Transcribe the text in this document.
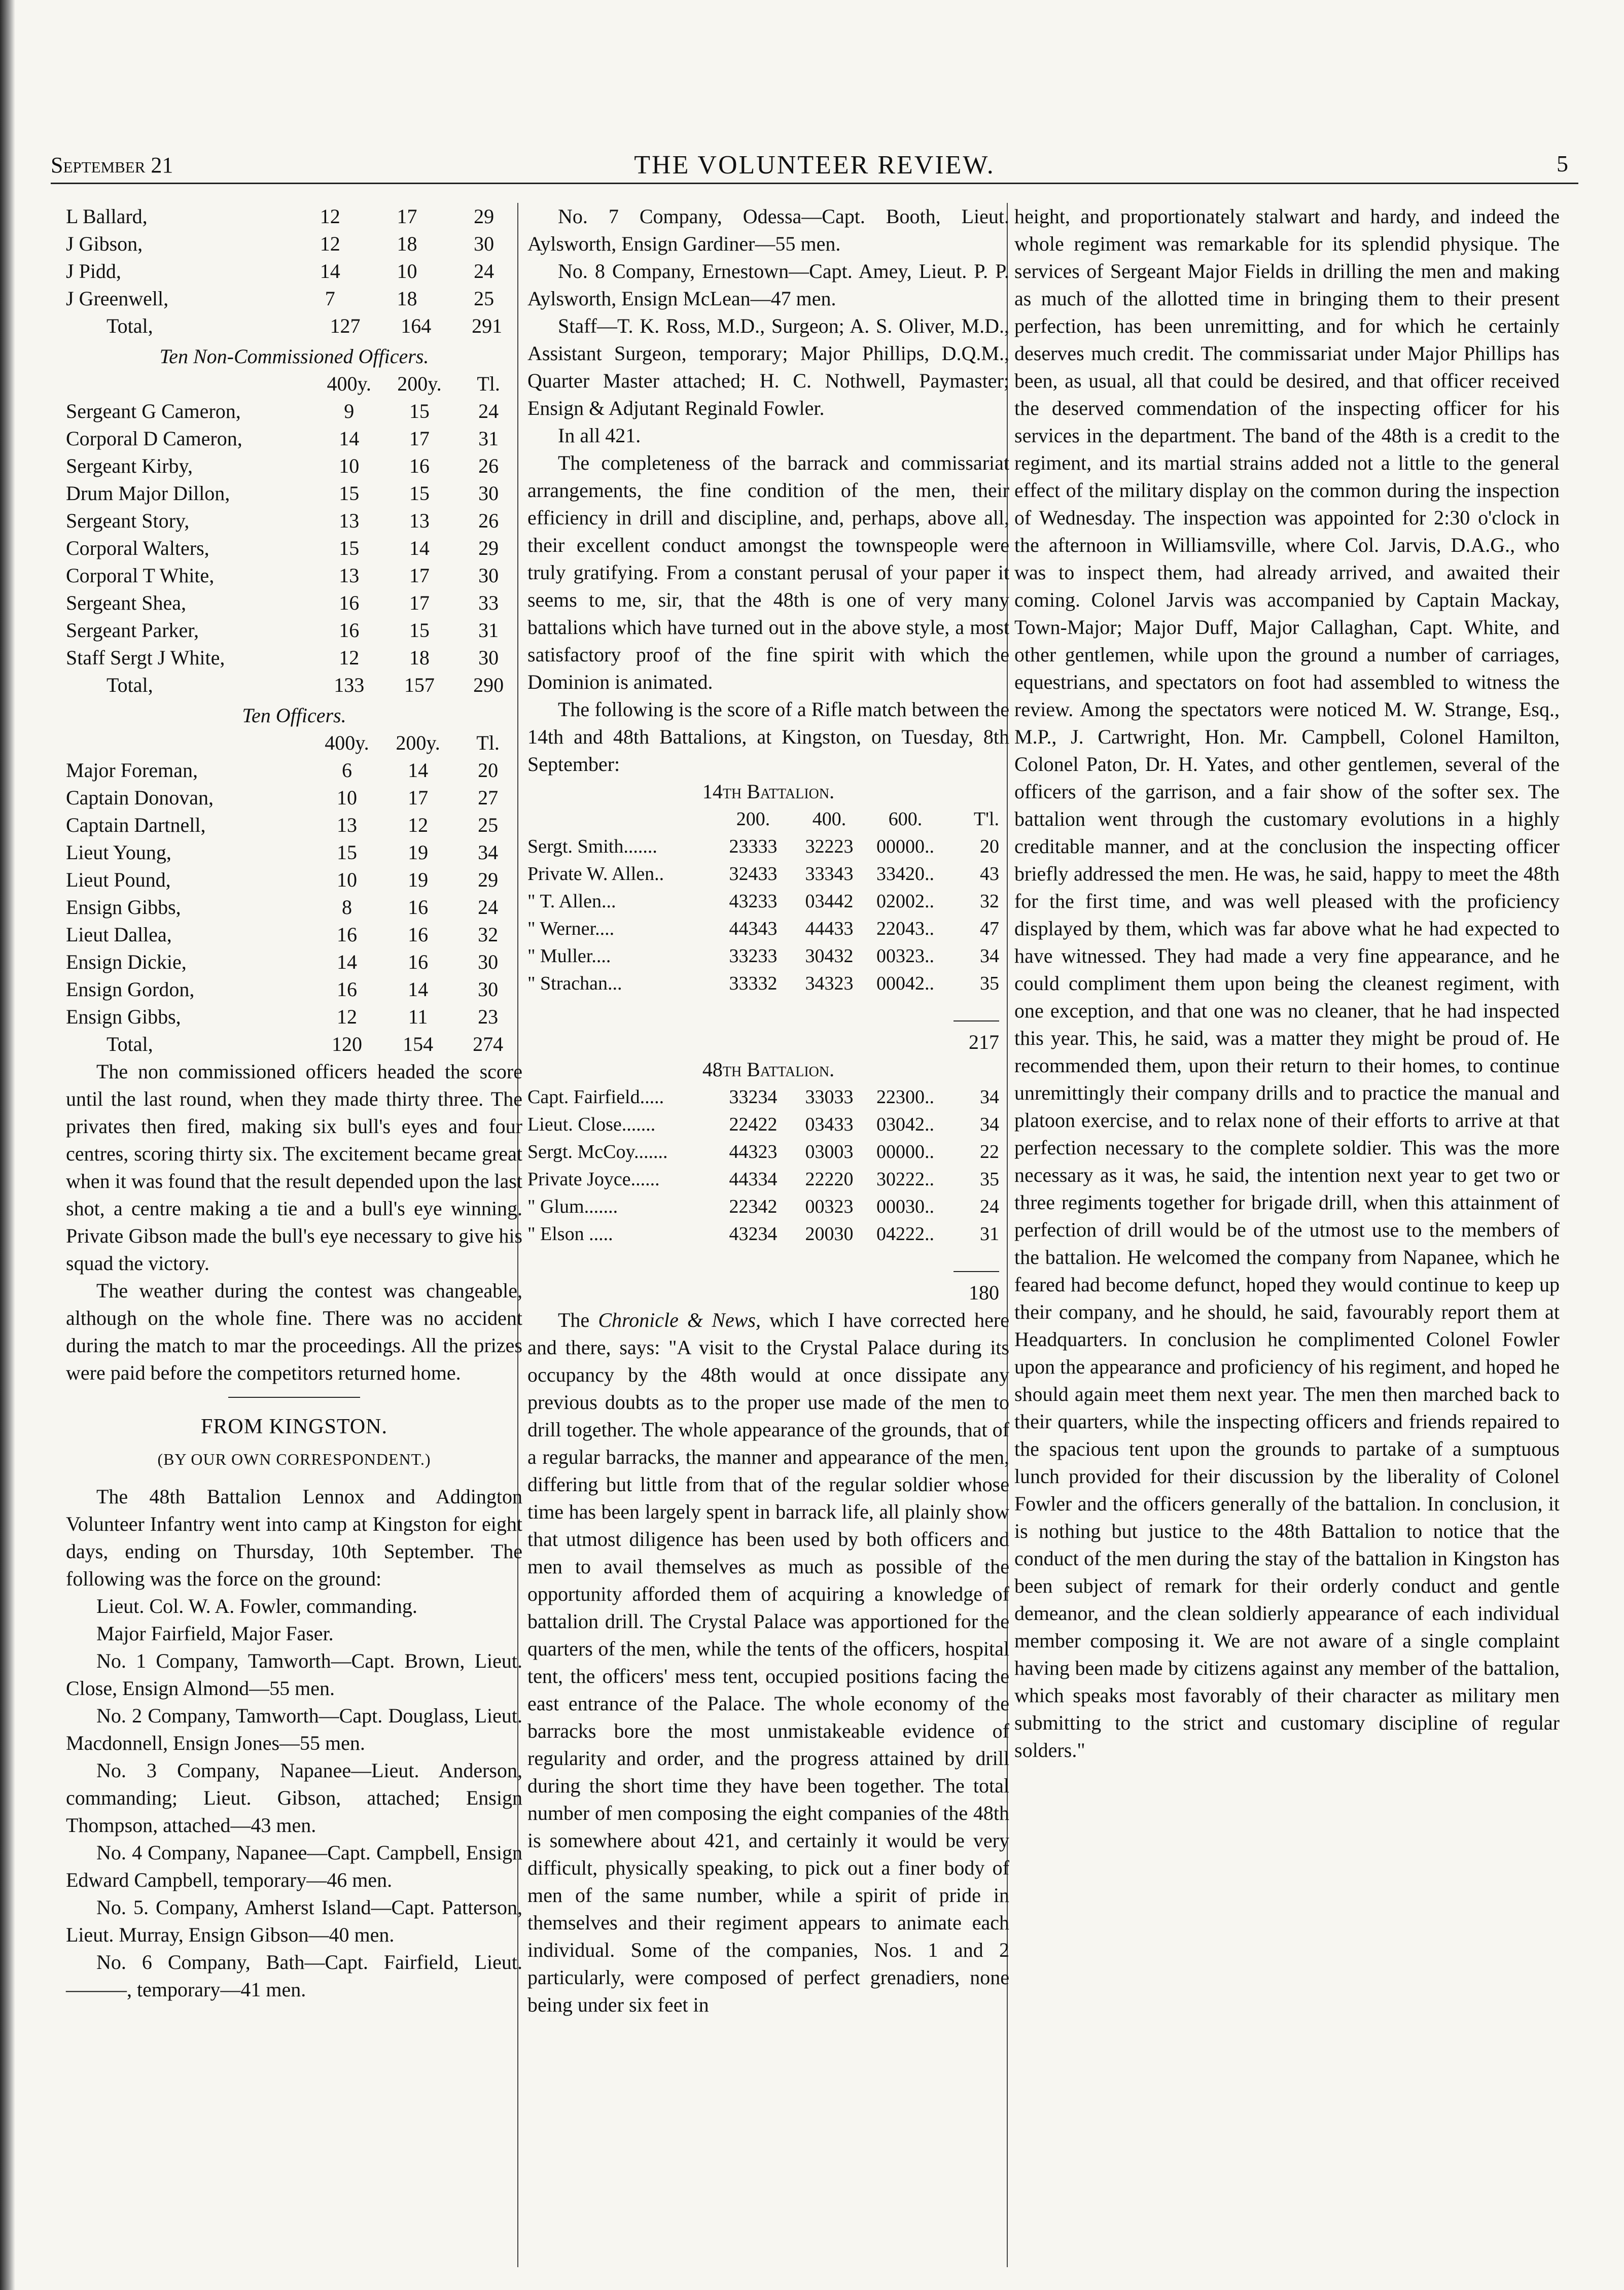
September 21	THE VOLUNTEER REVIEW.	5
L Ballard,	12	17	29
J Gibson,	12	18	30
J Pidd,	14	10	24
J Greenwell,	7	18	25
Total,	127	164	291
Ten Non-Commissioned Officers.
	400y.	200y.	Tl.
Sergeant G Cameron,	9	15	24
Corporal D Cameron,	14	17	31
Sergeant Kirby,	10	16	26
Drum Major Dillon,	15	15	30
Sergeant Story,	13	13	26
Corporal Walters,	15	14	29
Corporal T White,	13	17	30
Sergeant Shea,	16	17	33
Sergeant Parker,	16	15	31
Staff Sergt J White,	12	18	30
Total,	133	157	290
Ten Officers.
	400y.	200y.	Tl.
Major Foreman,	6	14	20
Captain Donovan,	10	17	27
Captain Dartnell,	13	12	25
Lieut Young,	15	19	34
Lieut Pound,	10	19	29
Ensign Gibbs,	8	16	24
Lieut Dallea,	16	16	32
Ensign Dickie,	14	16	30
Ensign Gordon,	16	14	30
Ensign Gibbs,	12	11	23
Total,	120	154	274

The non commissioned officers headed the score until the last round, when they made thirty three. The privates then fired, making six bull's eyes and four centres, scoring thirty six. The excitement became great when it was found that the result depended upon the last shot, a centre making a tie and a bull's eye winning. Private Gibson made the bull's eye necessary to give his squad the victory.

The weather during the contest was changeable, although on the whole fine. There was no accident during the match to mar the proceedings. All the prizes were paid before the competitors returned home.

FROM KINGSTON.
(BY OUR OWN CORRESPONDENT.)

The 48th Battalion Lennox and Addington Volunteer Infantry went into camp at Kingston for eight days, ending on Thursday, 10th September. The following was the force on the ground:

Lieut. Col. W. A. Fowler, commanding.

Major Fairfield, Major Faser.

No. 1 Company, Tamworth—Capt. Brown, Lieut. Close, Ensign Almond—55 men.

No. 2 Company, Tamworth—Capt. Douglass, Lieut. Macdonnell, Ensign Jones—55 men.

No. 3 Company, Napanee—Lieut. Anderson, commanding; Lieut. Gibson, attached; Ensign Thompson, attached—43 men.

No. 4 Company, Napanee—Capt. Campbell, Ensign Edward Campbell, temporary—46 men.

No. 5. Company, Amherst Island—Capt. Patterson, Lieut. Murray, Ensign Gibson—40 men.

No. 6 Company, Bath—Capt. Fairfield, Lieut. ———, temporary—41 men.

No. 7 Company, Odessa—Capt. Booth, Lieut. Aylsworth, Ensign Gardiner—55 men.

No. 8 Company, Ernestown—Capt. Amey, Lieut. P. P. Aylsworth, Ensign McLean—47 men.

Staff—T. K. Ross, M.D., Surgeon; A. S. Oliver, M.D., Assistant Surgeon, temporary; Major Phillips, D.Q.M., Quarter Master attached; H. C. Nothwell, Paymaster; Ensign & Adjutant Reginald Fowler.

In all 421.

The completeness of the barrack and commissariat arrangements, the fine condition of the men, their efficiency in drill and discipline, and, perhaps, above all, their excellent conduct amongst the townspeople were truly gratifying. From a constant perusal of your paper it seems to me, sir, that the 48th is one of very many battalions which have turned out in the above style, a most satisfactory proof of the fine spirit with which the Dominion is animated.

The following is the score of a Rifle match between the 14th and 48th Battalions, at Kingston, on Tuesday, 8th September:

14th Battalion.
	200.	400.	600.	T'l.
Sergt. Smith.......	23333	32223	00000..	20
Private W. Allen..	32433	33343	33420..	43
" T. Allen...	43233	03442	02002..	32
" Werner....	44343	44433	22043..	47
" Muller....	33233	30432	00323..	34
" Strachan...	33332	34323	00042..	35

217
48th Battalion.
Capt. Fairfield.....	33234	33033	22300..	34
Lieut. Close.......	22422	03433	03042..	34
Sergt. McCoy.......	44323	03003	00000..	22
Private Joyce......	44334	22220	30222..	35
" Glum.......	22342	00323	00030..	24
" Elson .....	43234	20030	04222..	31

180

The Chronicle & News, which I have corrected here and there, says: "A visit to the Crystal Palace during its occupancy by the 48th would at once dissipate any previous doubts as to the proper use made of the men to drill together. The whole appearance of the grounds, that of a regular barracks, the manner and appearance of the men, differing but little from that of the regular soldier whose time has been largely spent in barrack life, all plainly show that utmost diligence has been used by both officers and men to avail themselves as much as possible of the opportunity afforded them of acquiring a knowledge of battalion drill. The Crystal Palace was apportioned for the quarters of the men, while the tents of the officers, hospital tent, the officers' mess tent, occupied positions facing the east entrance of the Palace. The whole economy of the barracks bore the most unmistakeable evidence of regularity and order, and the progress attained by drill during the short time they have been together. The total number of men composing the eight companies of the 48th is somewhere about 421, and certainly it would be very difficult, physically speaking, to pick out a finer body of men of the same number, while a spirit of pride in themselves and their regiment appears to animate each individual. Some of the companies, Nos. 1 and 2 particularly, were composed of perfect grenadiers, none being under six feet in

height, and proportionately stalwart and hardy, and indeed the whole regiment was remarkable for its splendid physique. The services of Sergeant Major Fields in drilling the men and making as much of the allotted time in bringing them to their present perfection, has been unremitting, and for which he certainly deserves much credit. The commissariat under Major Phillips has been, as usual, all that could be desired, and that officer received the deserved commendation of the inspecting officer for his services in the department. The band of the 48th is a credit to the regiment, and its martial strains added not a little to the general effect of the military display on the common during the inspection of Wednesday. The inspection was appointed for 2:30 o'clock in the afternoon in Williamsville, where Col. Jarvis, D.A.G., who was to inspect them, had already arrived, and awaited their coming. Colonel Jarvis was accompanied by Captain Mackay, Town-Major; Major Duff, Major Callaghan, Capt. White, and other gentlemen, while upon the ground a number of carriages, equestrians, and spectators on foot had assembled to witness the review. Among the spectators were noticed M. W. Strange, Esq., M.P., J. Cartwright, Hon. Mr. Campbell, Colonel Hamilton, Colonel Paton, Dr. H. Yates, and other gentlemen, several of the officers of the garrison, and a fair show of the softer sex. The battalion went through the customary evolutions in a highly creditable manner, and at the conclusion the inspecting officer briefly addressed the men. He was, he said, happy to meet the 48th for the first time, and was well pleased with the proficiency displayed by them, which was far above what he had expected to have witnessed. They had made a very fine appearance, and he could compliment them upon being the cleanest regiment, with one exception, and that one was no cleaner, that he had inspected this year. This, he said, was a matter they might be proud of. He recommended them, upon their return to their homes, to continue unremittingly their company drills and to practice the manual and platoon exercise, and to relax none of their efforts to arrive at that perfection necessary to the complete soldier. This was the more necessary as it was, he said, the intention next year to get two or three regiments together for brigade drill, when this attainment of perfection of drill would be of the utmost use to the members of the battalion. He welcomed the company from Napanee, which he feared had become defunct, hoped they would continue to keep up their company, and he should, he said, favourably report them at Headquarters. In conclusion he complimented Colonel Fowler upon the appearance and proficiency of his regiment, and hoped he should again meet them next year. The men then marched back to their quarters, while the inspecting officers and friends repaired to the spacious tent upon the grounds to partake of a sumptuous lunch provided for their discussion by the liberality of Colonel Fowler and the officers generally of the battalion. In conclusion, it is nothing but justice to the 48th Battalion to notice that the conduct of the men during the stay of the battalion in Kingston has been subject of remark for their orderly conduct and gentle demeanor, and the clean soldierly appearance of each individual member composing it. We are not aware of a single complaint having been made by citizens against any member of the battalion, which speaks most favorably of their character as military men submitting to the strict and customary discipline of regular solders."
